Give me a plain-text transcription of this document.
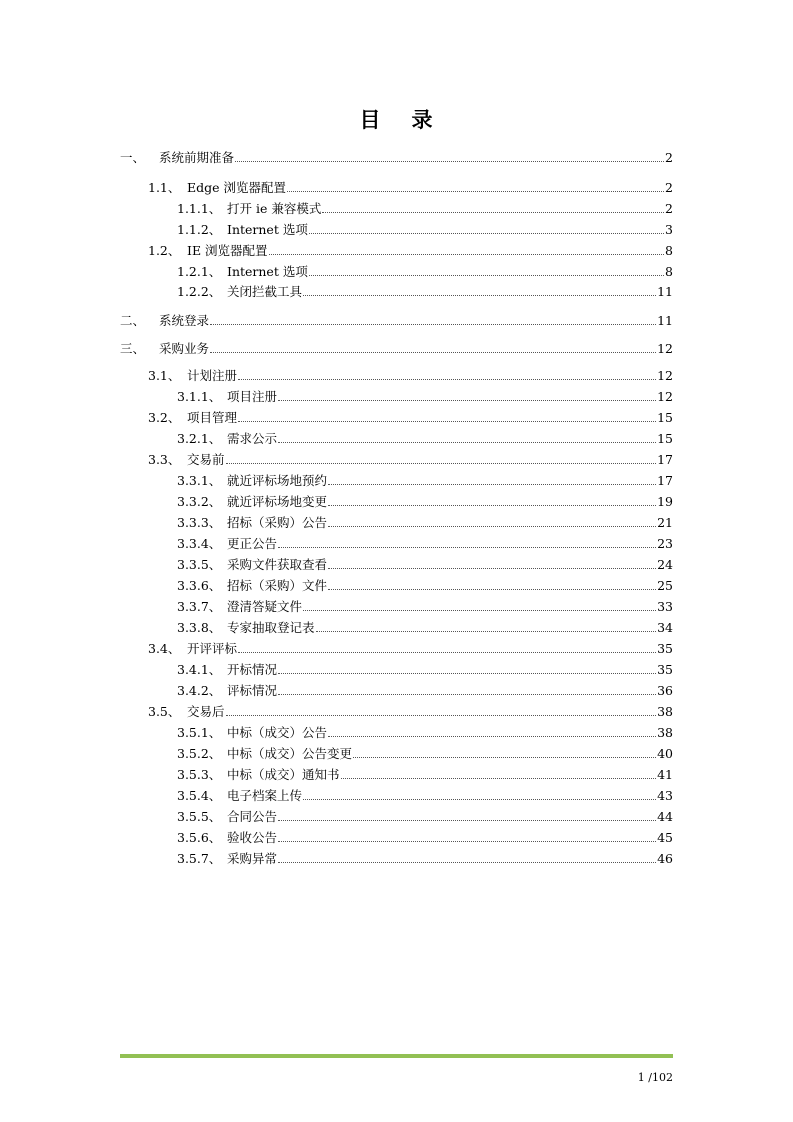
目 录
一、	系统前期准备	2
1.1、 Edge 浏览器配置	2
1.1.1、 打开 ie 兼容模式	2
1.1.2、 Internet 选项	3
1.2、 IE 浏览器配置	8
1.2.1、 Internet 选项	8
1.2.2、 关闭拦截工具	11
二、	系统登录	11
三、	采购业务	12
3.1、 计划注册	12
3.1.1、 项目注册	12
3.2、 项目管理	15
3.2.1、 需求公示	15
3.3、 交易前	17
3.3.1、 就近评标场地预约	17
3.3.2、 就近评标场地变更	19
3.3.3、 招标（采购）公告	21
3.3.4、 更正公告	23
3.3.5、 采购文件获取查看	24
3.3.6、 招标（采购）文件	25
3.3.7、 澄清答疑文件	33
3.3.8、 专家抽取登记表	34
3.4、 开评评标	35
3.4.1、 开标情况	35
3.4.2、 评标情况	36
3.5、 交易后	38
3.5.1、 中标（成交）公告	38
3.5.2、 中标（成交）公告变更	40
3.5.3、 中标（成交）通知书	41
3.5.4、 电子档案上传	43
3.5.5、 合同公告	44
3.5.6、 验收公告	45
3.5.7、 采购异常	46
1 /102
